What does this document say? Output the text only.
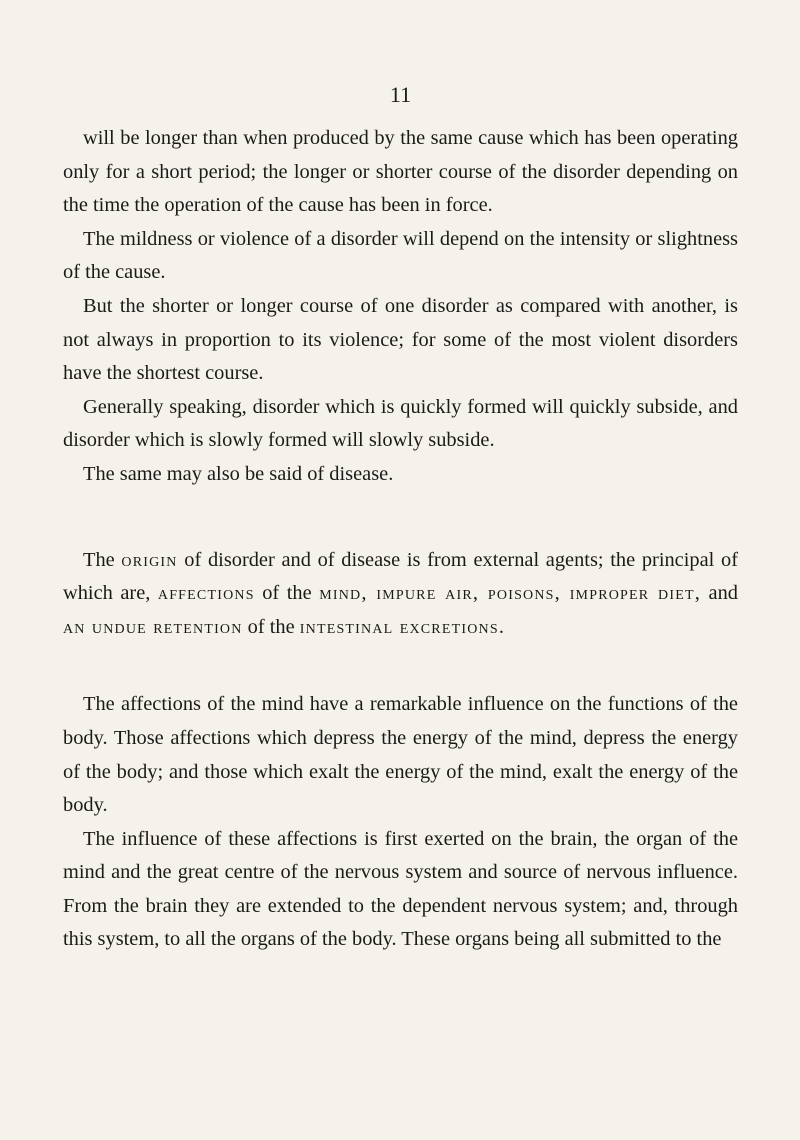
11

will be longer than when produced by the same cause which has been operating only for a short period; the longer or shorter course of the disorder depending on the time the operation of the cause has been in force.

The mildness or violence of a disorder will depend on the intensity or slightness of the cause.

But the shorter or longer course of one disorder as compared with another, is not always in proportion to its violence; for some of the most violent disorders have the shortest course.

Generally speaking, disorder which is quickly formed will quickly subside, and disorder which is slowly formed will slowly subside.

The same may also be said of disease.

The origin of disorder and of disease is from external agents; the principal of which are, affections of the mind, impure air, poisons, improper diet, and an undue retention of the intestinal excretions.

The affections of the mind have a remarkable influence on the functions of the body. Those affections which depress the energy of the mind, depress the energy of the body; and those which exalt the energy of the mind, exalt the energy of the body.

The influence of these affections is first exerted on the brain, the organ of the mind and the great centre of the nervous system and source of nervous influence. From the brain they are extended to the dependent nervous system; and, through this system, to all the organs of the body. These organs being all submitted to the
